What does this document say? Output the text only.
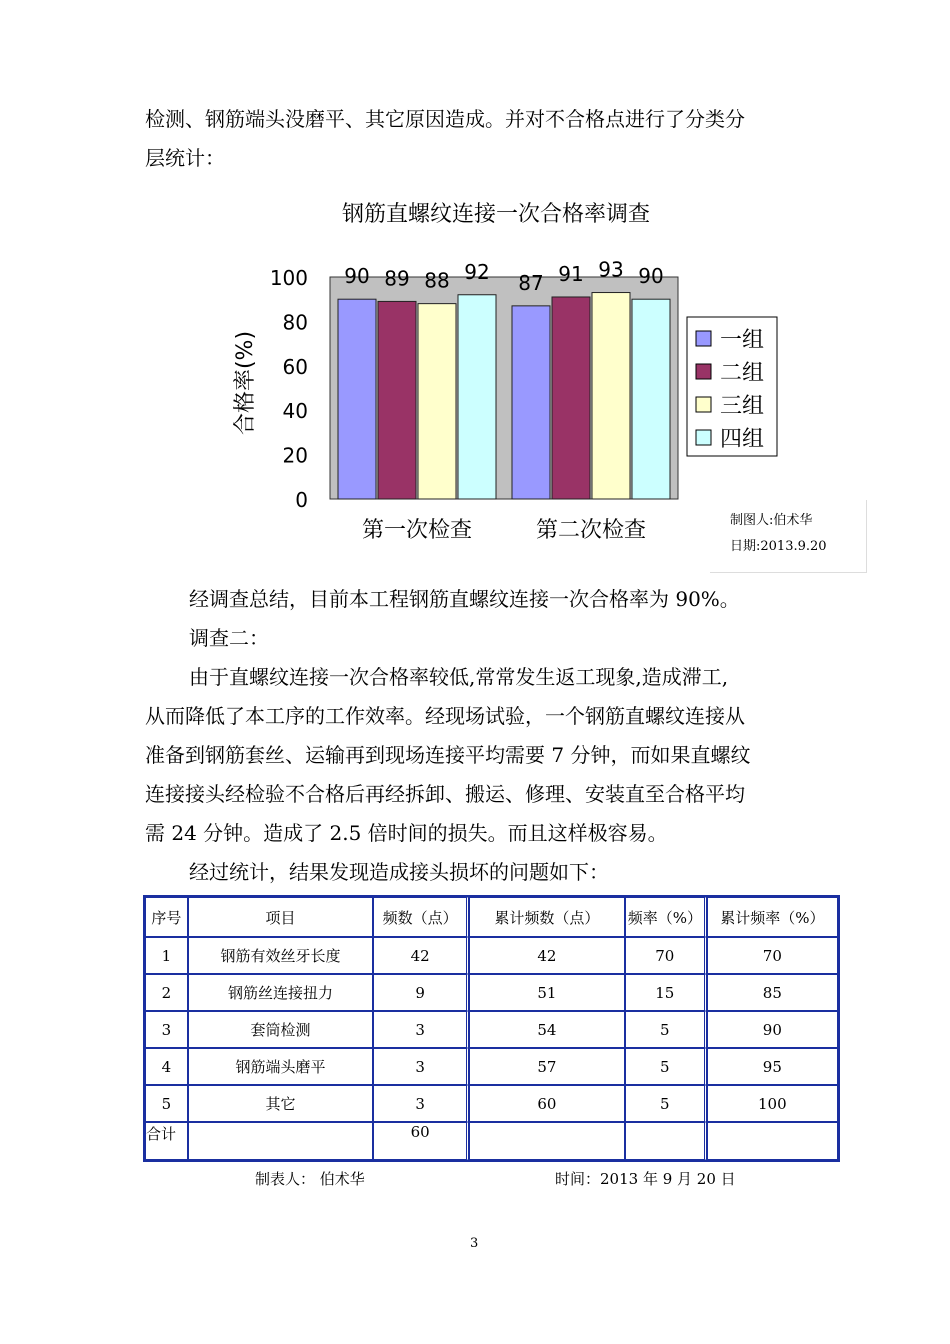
检测、钢筋端头没磨平、其它原因造成。并对不合格点进行了分类分
层统计：

钢筋直螺纹连接一次合格率调查
0
20
40
60
80
100
合格率(%)
90 89 88 92
第一次检查
87 91 93 90
第二次检查
一组
二组
三组
四组
制图人:伯术华
日期:2013.9.20

经调查总结，目前本工程钢筋直螺纹连接一次合格率为 90%。

调查二：

由于直螺纹连接一次合格率较低,常常发生返工现象,造成滞工,
从而降低了本工序的工作效率。经现场试验，一个钢筋直螺纹连接从
准备到钢筋套丝、运输再到现场连接平均需要 7 分钟，而如果直螺纹
连接接头经检验不合格后再经拆卸、搬运、修理、安装直至合格平均
需 24 分钟。造成了 2.5 倍时间的损失。而且这样极容易。

经过统计，结果发现造成接头损坏的问题如下：

序号	项目	频数（点）	累计频数（点）	频率（%）	累计频率（%）
1	钢筋有效丝牙长度	42	42	70	70
2	钢筋丝连接扭力	9	51	15	85
3	套筒检测	3	54	5	90
4	钢筋端头磨平	3	57	5	95
5	其它	3	60	5	100
合计		60			
制表人： 伯术华	时间：2013 年 9 月 20 日
3
